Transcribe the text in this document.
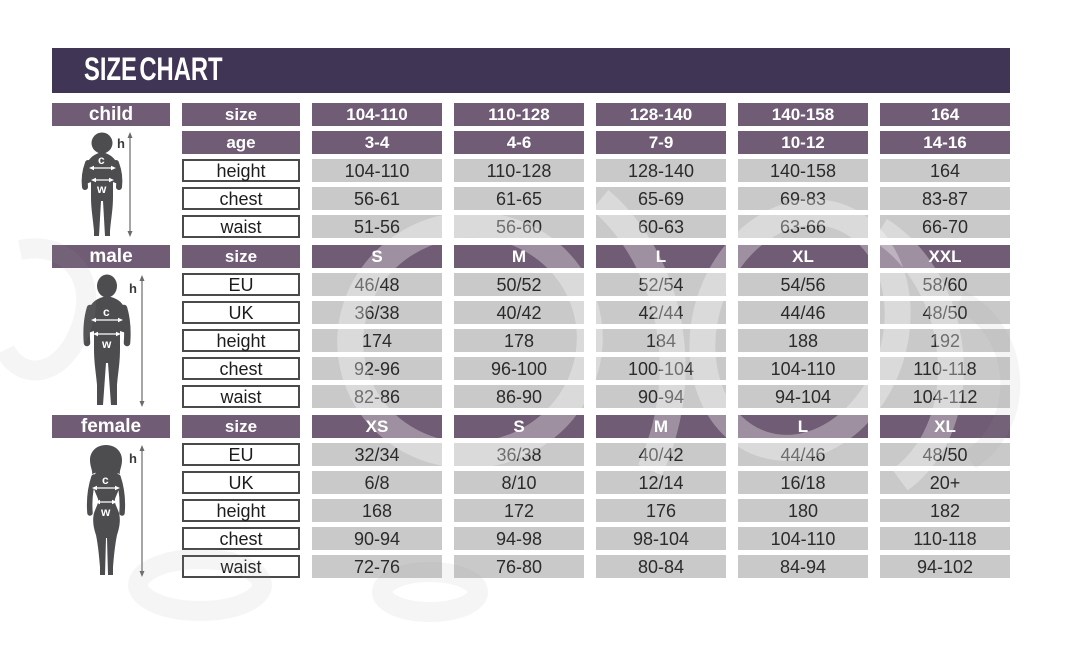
SIZE CHART
child	size	104-110	110-128	128-140	140-158	164
h
c
w
age	3-4	4-6	7-9	10-12	14-16
height	104-110	110-128	128-140	140-158	164
chest	56-61	61-65	65-69	69-83	83-87
waist	51-56	56-60	60-63	63-66	66-70
male	size	S	M	L	XL	XXL
h
c
w
EU	46/48	50/52	52/54	54/56	58/60
UK	36/38	40/42	42/44	44/46	48/50
height	174	178	184	188	192
chest	92-96	96-100	100-104	104-110	110-118
waist	82-86	86-90	90-94	94-104	104-112
female	size	XS	S	M	L	XL
h
c
w
EU	32/34	36/38	40/42	44/46	48/50
UK	6/8	8/10	12/14	16/18	20+
height	168	172	176	180	182
chest	90-94	94-98	98-104	104-110	110-118
waist	72-76	76-80	80-84	84-94	94-102
